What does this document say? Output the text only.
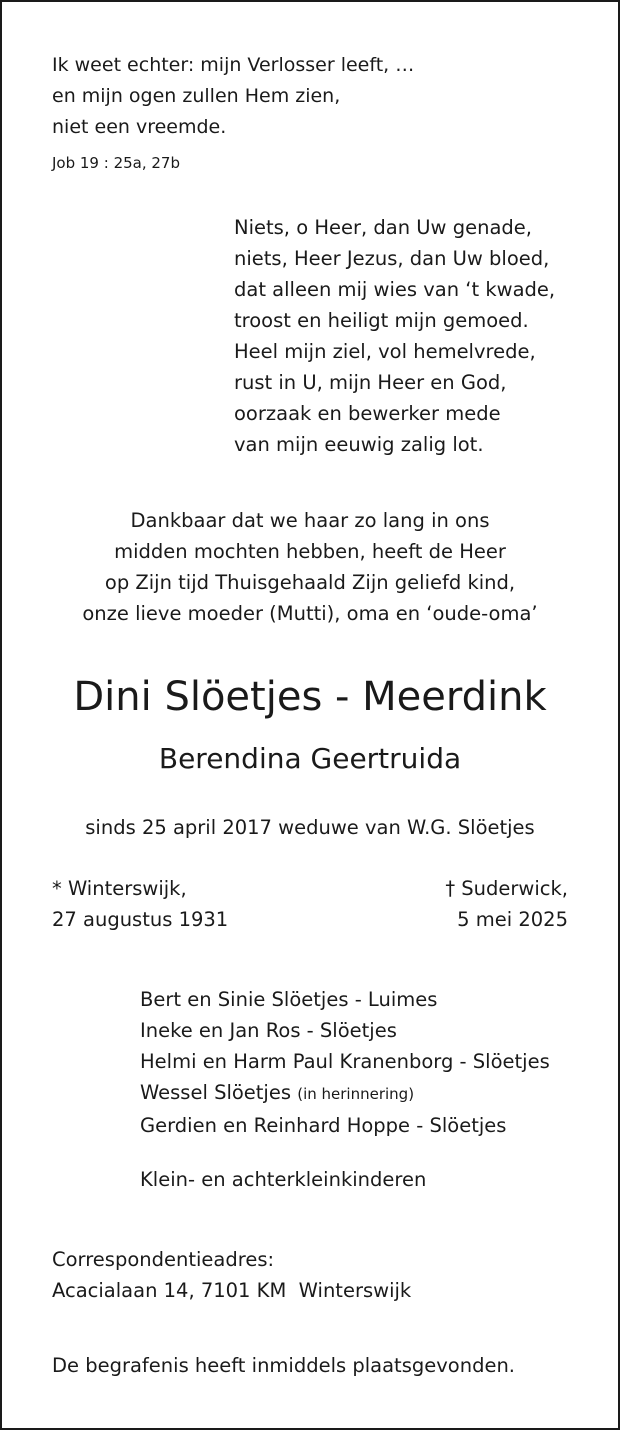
Ik weet echter: mijn Verlosser leeft, …
en mijn ogen zullen Hem zien,
niet een vreemde.
Job 19 : 25a, 27b
Niets, o Heer, dan Uw genade,
niets, Heer Jezus, dan Uw bloed,
dat alleen mij wies van ‘t kwade,
troost en heiligt mijn gemoed.
Heel mijn ziel, vol hemelvrede,
rust in U, mijn Heer en God,
oorzaak en bewerker mede
van mijn eeuwig zalig lot.
Dankbaar dat we haar zo lang in ons
midden mochten hebben, heeft de Heer
op Zijn tijd Thuisgehaald Zijn geliefd kind,
onze lieve moeder (Mutti), oma en ‘oude-oma’
Dini Slöetjes - Meerdink
Berendina Geertruida
sinds 25 april 2017 weduwe van W.G. Slöetjes
* Winterswijk,
27 augustus 1931
† Suderwick,
5 mei 2025
Bert en Sinie Slöetjes - Luimes
Ineke en Jan Ros - Slöetjes
Helmi en Harm Paul Kranenborg - Slöetjes
Wessel Slöetjes (in herinnering)
Gerdien en Reinhard Hoppe - Slöetjes
Klein- en achterkleinkinderen
Correspondentieadres:
Acacialaan 14, 7101 KM  Winterswijk
De begrafenis heeft inmiddels plaatsgevonden.
